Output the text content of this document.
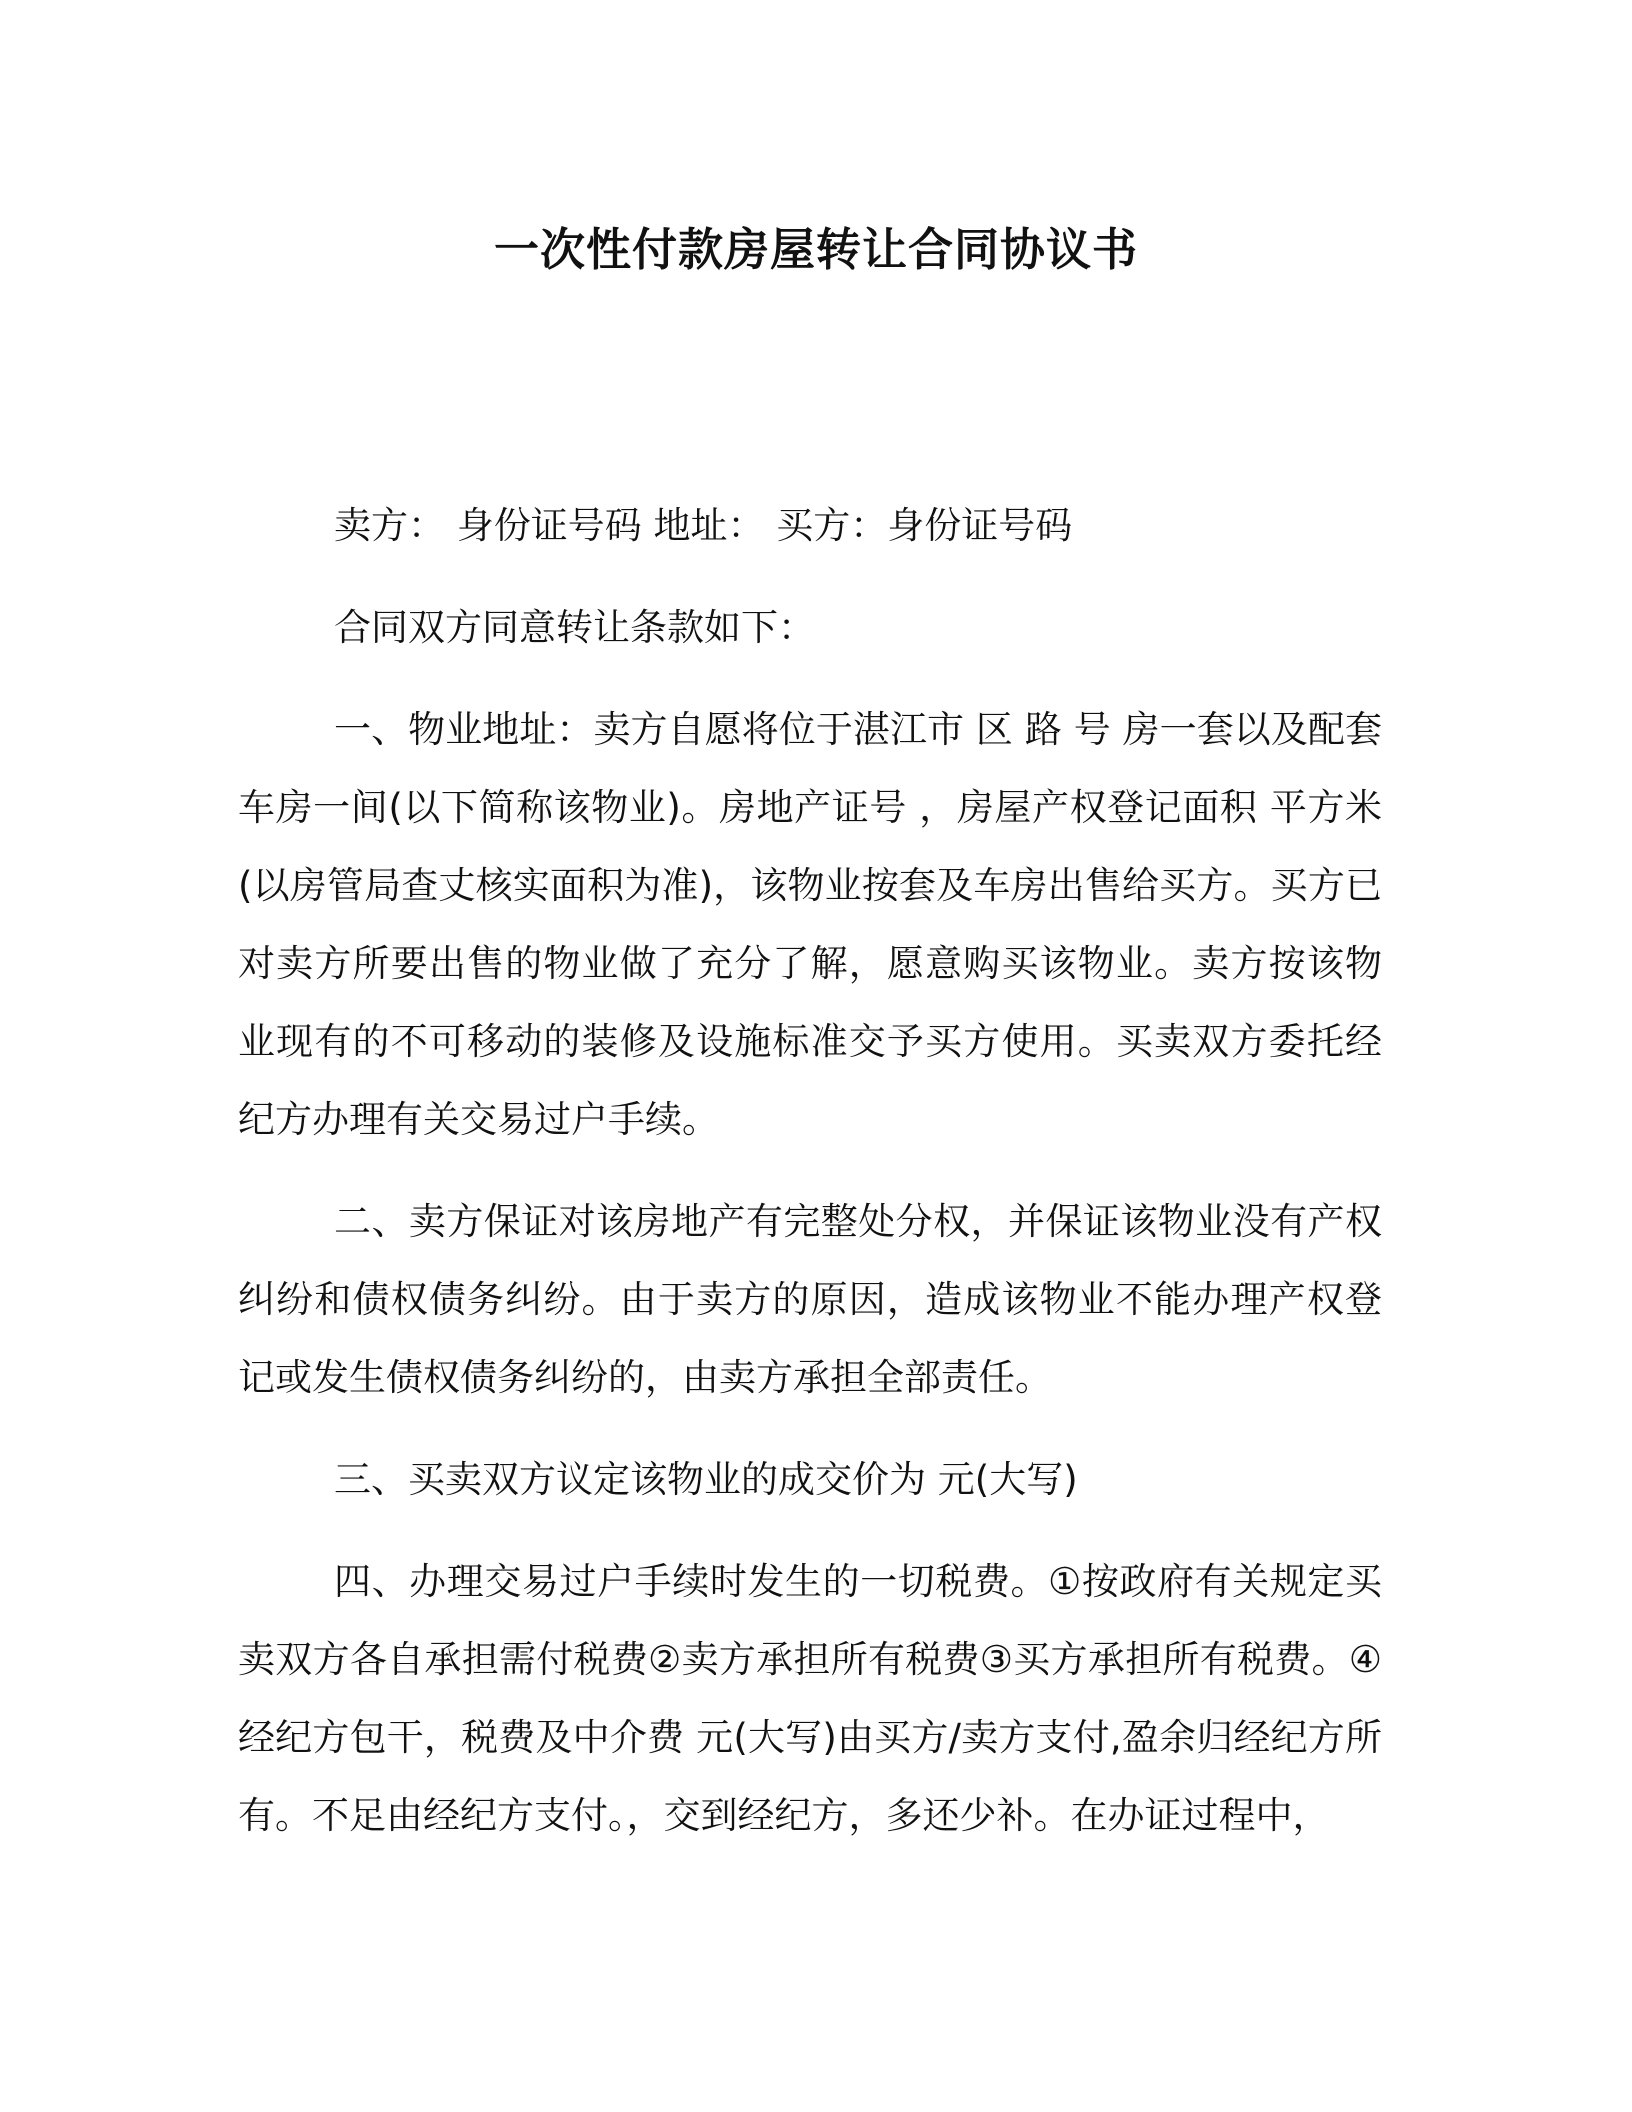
一次性付款房屋转让合同协议书

卖方： 身份证号码 地址： 买方：身份证号码

合同双方同意转让条款如下：

一、物业地址：卖方自愿将位于湛江市 区 路 号 房一套以及配套车房一间(以下简称该物业)。房地产证号 ，房屋产权登记面积 平方米(以房管局查丈核实面积为准)，该物业按套及车房出售给买方。买方已对卖方所要出售的物业做了充分了解，愿意购买该物业。卖方按该物业现有的不可移动的装修及设施标准交予买方使用。买卖双方委托经纪方办理有关交易过户手续。

二、卖方保证对该房地产有完整处分权，并保证该物业没有产权纠纷和债权债务纠纷。由于卖方的原因，造成该物业不能办理产权登记或发生债权债务纠纷的，由卖方承担全部责任。

三、买卖双方议定该物业的成交价为 元(大写)

四、办理交易过户手续时发生的一切税费。①按政府有关规定买卖双方各自承担需付税费②卖方承担所有税费③买方承担所有税费。④经纪方包干，税费及中介费 元(大写)由买方/卖方支付,盈余归经纪方所有。不足由经纪方支付。，交到经纪方，多还少补。在办证过程中，
